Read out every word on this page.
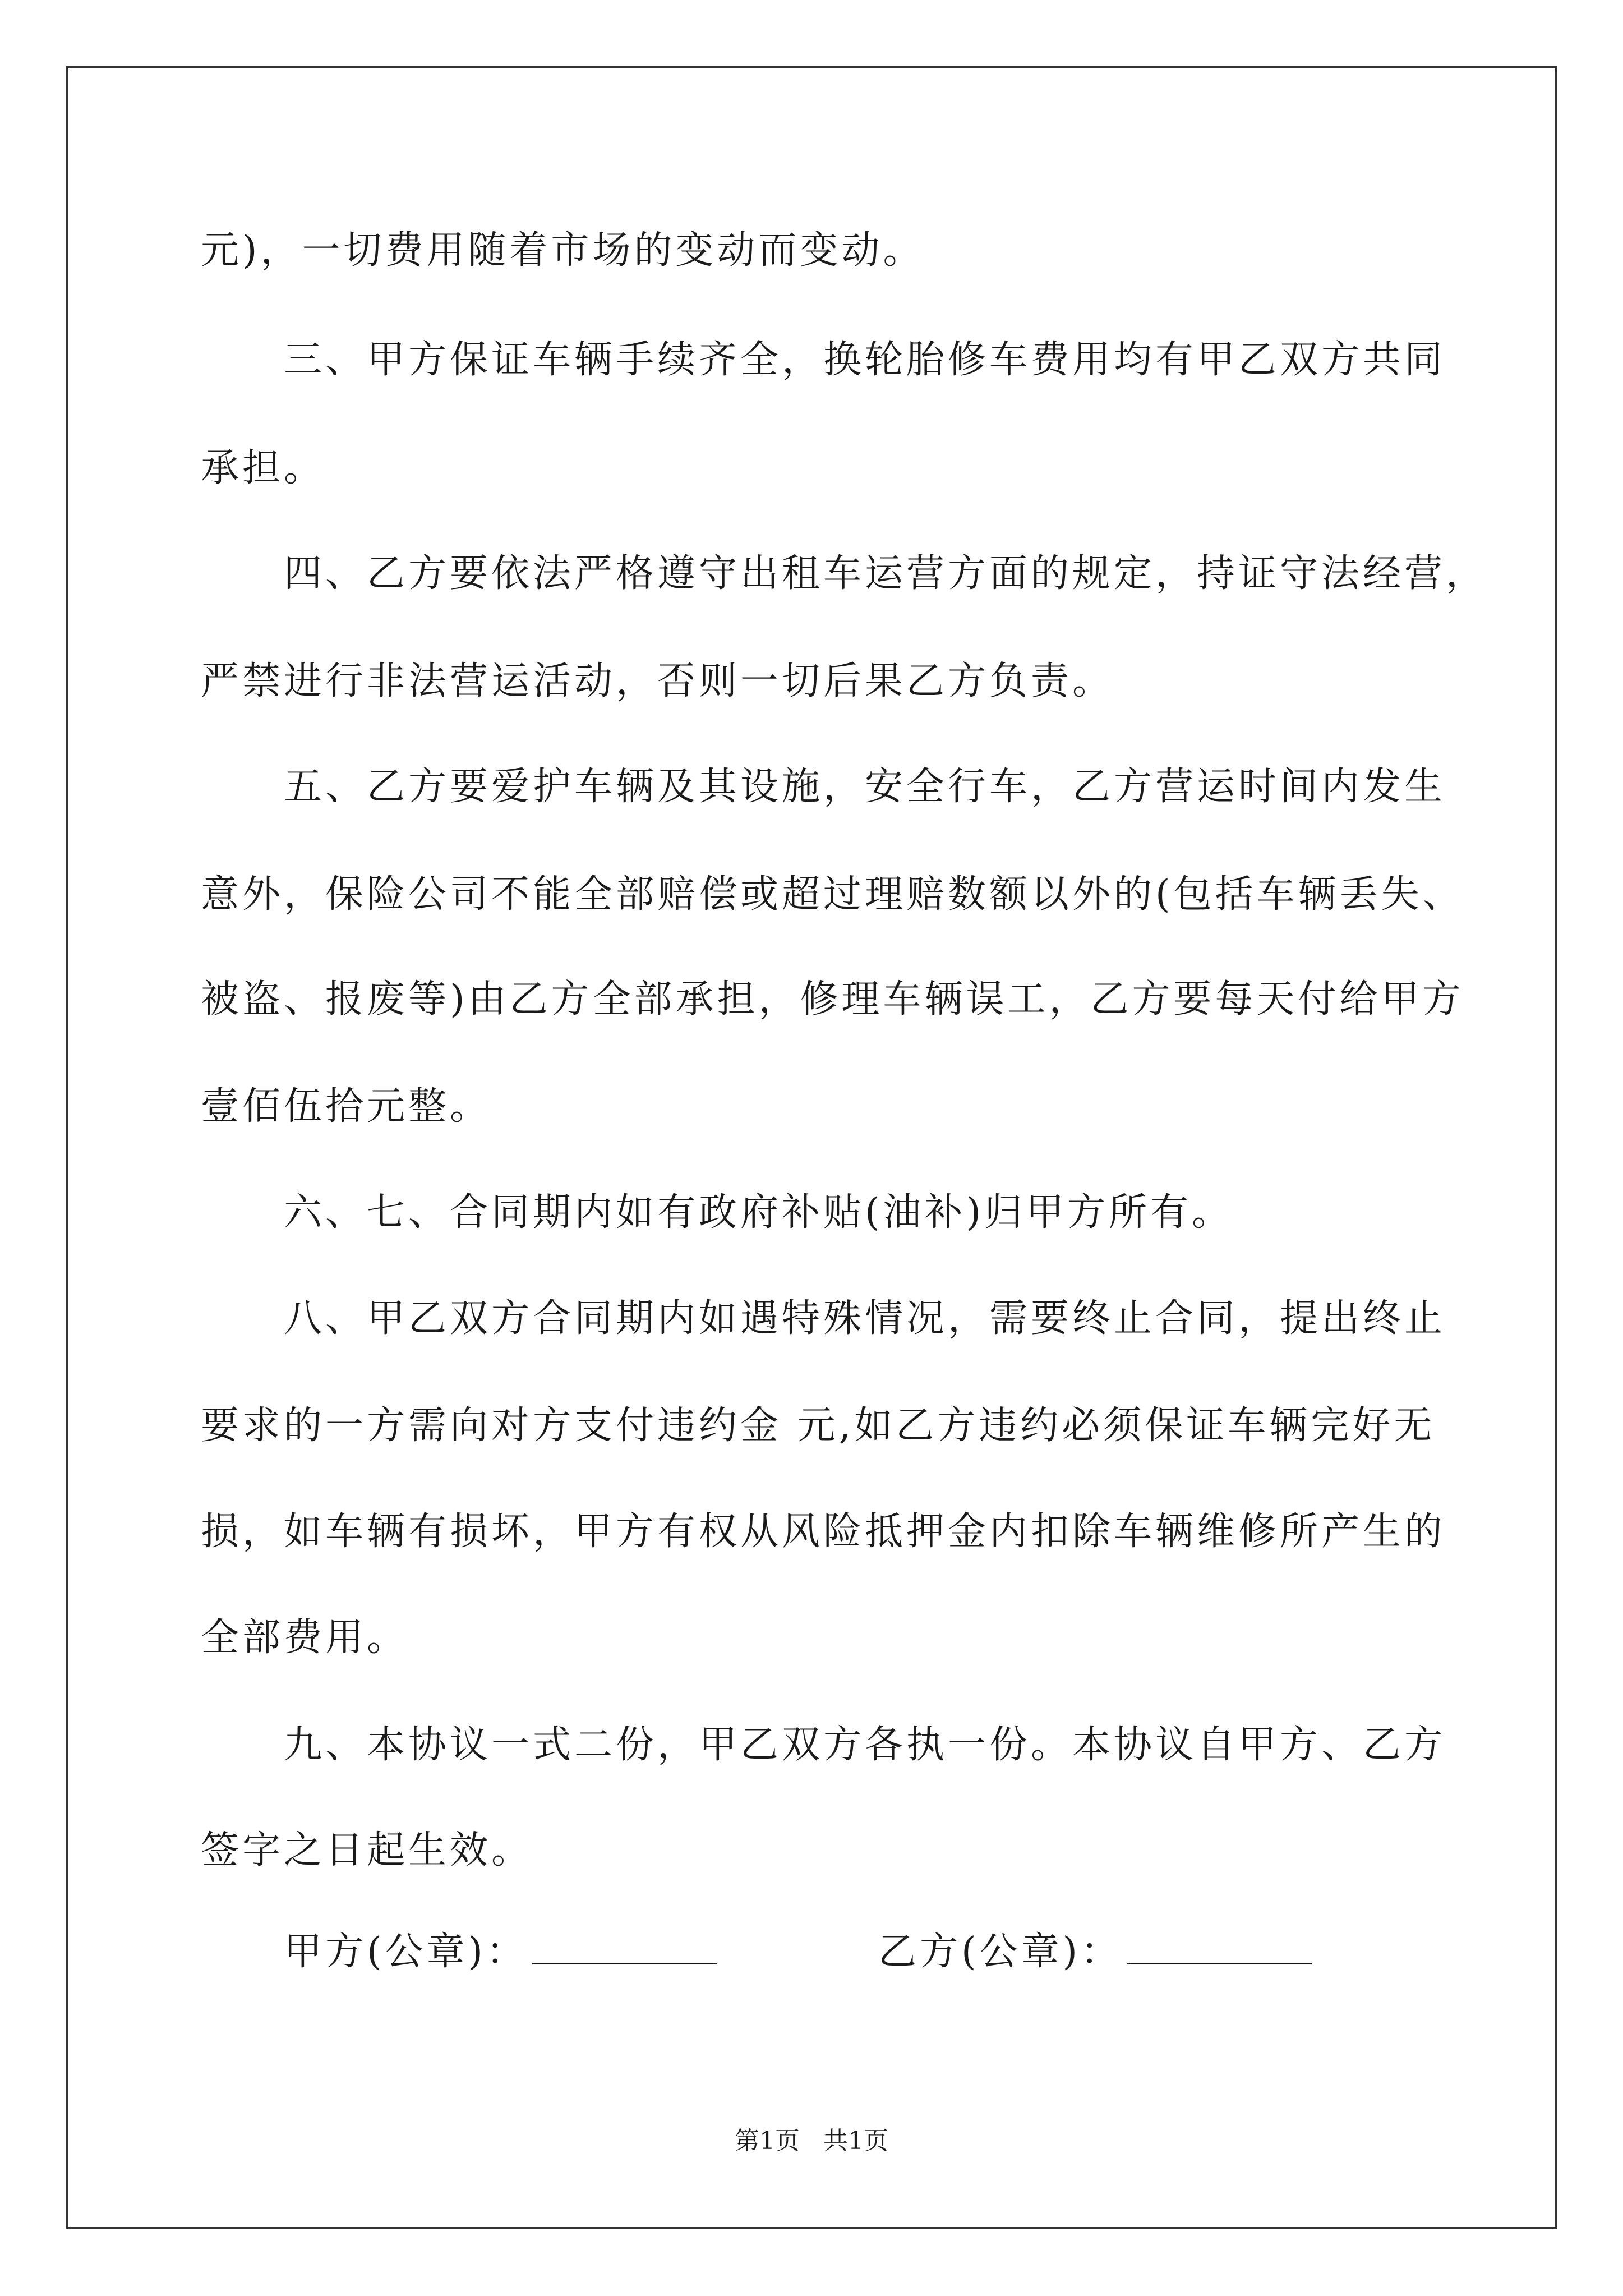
元)，一切费用随着市场的变动而变动。
三、甲方保证车辆手续齐全，换轮胎修车费用均有甲乙双方共同
承担。
四、乙方要依法严格遵守出租车运营方面的规定，持证守法经营，
严禁进行非法营运活动，否则一切后果乙方负责。
五、乙方要爱护车辆及其设施，安全行车，乙方营运时间内发生
意外，保险公司不能全部赔偿或超过理赔数额以外的(包括车辆丢失、
被盗、报废等)由乙方全部承担，修理车辆误工，乙方要每天付给甲方
壹佰伍拾元整。
六、七、合同期内如有政府补贴(油补)归甲方所有。
八、甲乙双方合同期内如遇特殊情况，需要终止合同，提出终止
要求的一方需向对方支付违约金 元,如乙方违约必须保证车辆完好无
损，如车辆有损坏，甲方有权从风险抵押金内扣除车辆维修所产生的
全部费用。
九、本协议一式二份，甲乙双方各执一份。本协议自甲方、乙方
签字之日起生效。
甲方(公章)：	乙方(公章)：
第1页   共1页
